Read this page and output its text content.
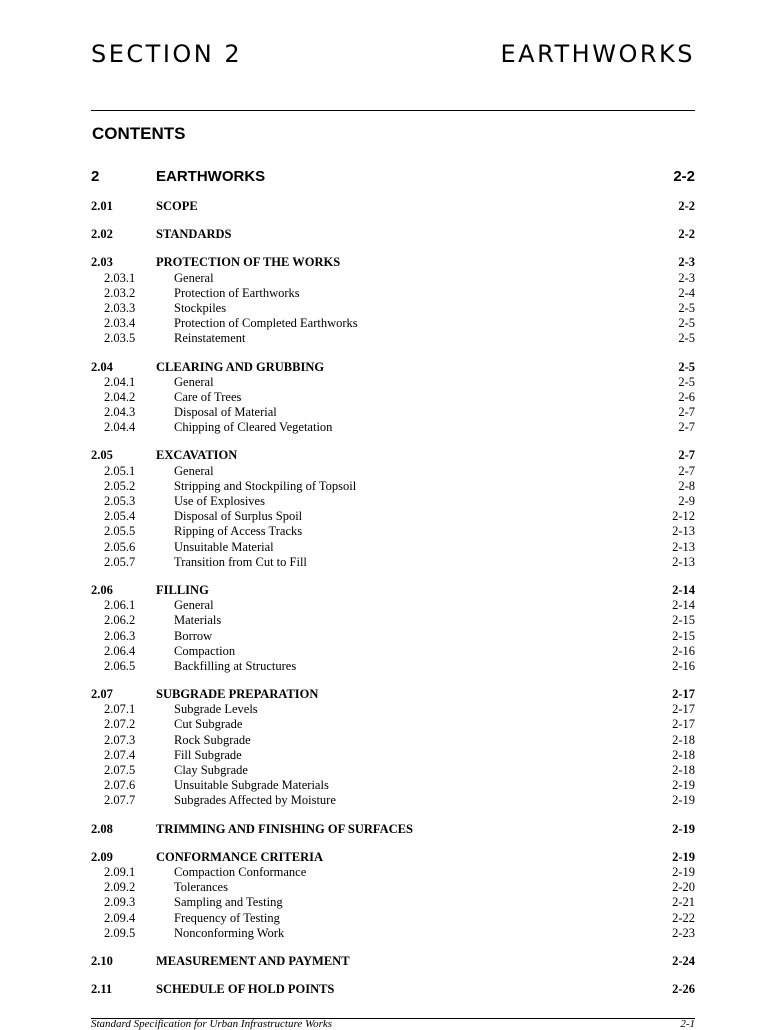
SECTION 2	EARTHWORKS
CONTENTS
2	EARTHWORKS	2-2
2.01	SCOPE	2-2
2.02	STANDARDS	2-2
2.03	PROTECTION OF THE WORKS	2-3
2.03.1	General	2-3
2.03.2	Protection of Earthworks	2-4
2.03.3	Stockpiles	2-5
2.03.4	Protection of Completed Earthworks	2-5
2.03.5	Reinstatement	2-5
2.04	CLEARING AND GRUBBING	2-5
2.04.1	General	2-5
2.04.2	Care of Trees	2-6
2.04.3	Disposal of Material	2-7
2.04.4	Chipping of Cleared Vegetation	2-7
2.05	EXCAVATION	2-7
2.05.1	General	2-7
2.05.2	Stripping and Stockpiling of Topsoil	2-8
2.05.3	Use of Explosives	2-9
2.05.4	Disposal of Surplus Spoil	2-12
2.05.5	Ripping of Access Tracks	2-13
2.05.6	Unsuitable Material	2-13
2.05.7	Transition from Cut to Fill	2-13
2.06	FILLING	2-14
2.06.1	General	2-14
2.06.2	Materials	2-15
2.06.3	Borrow	2-15
2.06.4	Compaction	2-16
2.06.5	Backfilling at Structures	2-16
2.07	SUBGRADE PREPARATION	2-17
2.07.1	Subgrade Levels	2-17
2.07.2	Cut Subgrade	2-17
2.07.3	Rock Subgrade	2-18
2.07.4	Fill Subgrade	2-18
2.07.5	Clay Subgrade	2-18
2.07.6	Unsuitable Subgrade Materials	2-19
2.07.7	Subgrades Affected by Moisture	2-19
2.08	TRIMMING AND FINISHING OF SURFACES	2-19
2.09	CONFORMANCE CRITERIA	2-19
2.09.1	Compaction Conformance	2-19
2.09.2	Tolerances	2-20
2.09.3	Sampling and Testing	2-21
2.09.4	Frequency of Testing	2-22
2.09.5	Nonconforming Work	2-23
2.10	MEASUREMENT AND PAYMENT	2-24
2.11	SCHEDULE OF HOLD POINTS	2-26
Standard Specification for Urban Infrastructure Works	2-1
